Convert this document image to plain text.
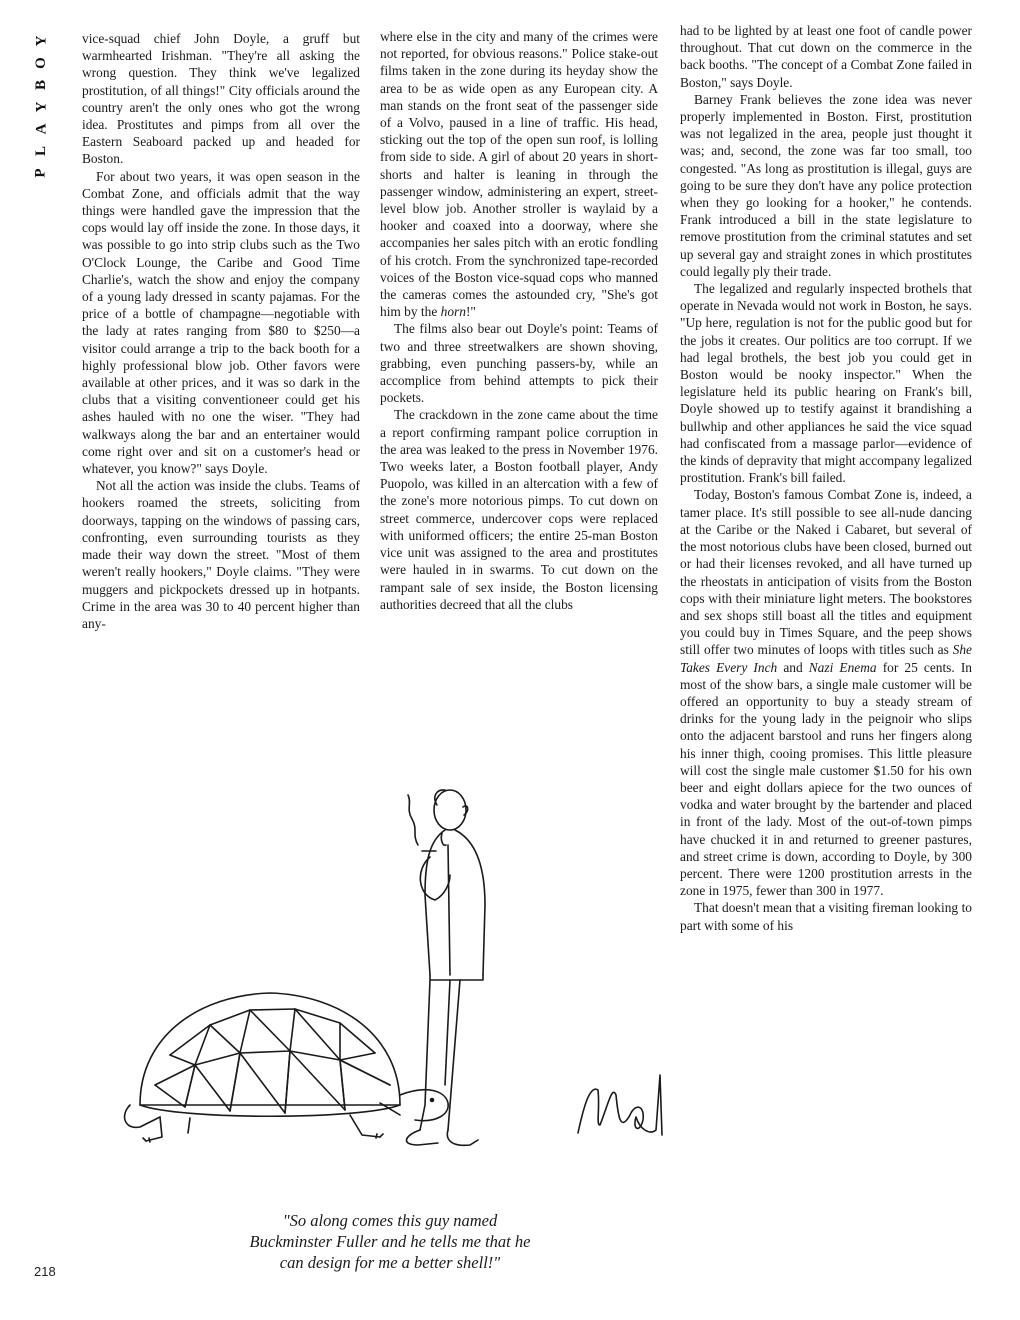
Y
O
B
Y
A
L
P

vice-squad chief John Doyle, a gruff but warmhearted Irishman. "They're all asking the wrong question. They think we've legalized prostitution, of all things!" City officials around the country aren't the only ones who got the wrong idea. Prostitutes and pimps from all over the Eastern Seaboard packed up and headed for Boston.

For about two years, it was open season in the Combat Zone, and officials admit that the way things were handled gave the impression that the cops would lay off inside the zone. In those days, it was possible to go into strip clubs such as the Two O'Clock Lounge, the Caribe and Good Time Charlie's, watch the show and enjoy the company of a young lady dressed in scanty pajamas. For the price of a bottle of champagne—negotiable with the lady at rates ranging from $80 to $250—a visitor could arrange a trip to the back booth for a highly professional blow job. Other favors were available at other prices, and it was so dark in the clubs that a visiting conventioneer could get his ashes hauled with no one the wiser. "They had walkways along the bar and an entertainer would come right over and sit on a customer's head or whatever, you know?" says Doyle.

Not all the action was inside the clubs. Teams of hookers roamed the streets, soliciting from doorways, tapping on the windows of passing cars, confronting, even surrounding tourists as they made their way down the street. "Most of them weren't really hookers," Doyle claims. "They were muggers and pickpockets dressed up in hotpants. Crime in the area was 30 to 40 percent higher than any-

where else in the city and many of the crimes were not reported, for obvious reasons." Police stake-out films taken in the zone during its heyday show the area to be as wide open as any European city. A man stands on the front seat of the passenger side of a Volvo, paused in a line of traffic. His head, sticking out the top of the open sun roof, is lolling from side to side. A girl of about 20 years in short-shorts and halter is leaning in through the passenger window, administering an expert, street-level blow job. Another stroller is waylaid by a hooker and coaxed into a doorway, where she accompanies her sales pitch with an erotic fondling of his crotch. From the synchronized tape-recorded voices of the Boston vice-squad cops who manned the cameras comes the astounded cry, "She's got him by the horn!"

The films also bear out Doyle's point: Teams of two and three streetwalkers are shown shoving, grabbing, even punching passers-by, while an accomplice from behind attempts to pick their pockets.

The crackdown in the zone came about the time a report confirming rampant police corruption in the area was leaked to the press in November 1976. Two weeks later, a Boston football player, Andy Puopolo, was killed in an altercation with a few of the zone's more notorious pimps. To cut down on street commerce, undercover cops were replaced with uniformed officers; the entire 25-man Boston vice unit was assigned to the area and prostitutes were hauled in in swarms. To cut down on the rampant sale of sex inside, the Boston licensing authorities decreed that all the clubs

had to be lighted by at least one foot of candle power throughout. That cut down on the commerce in the back booths. "The concept of a Combat Zone failed in Boston," says Doyle.

Barney Frank believes the zone idea was never properly implemented in Boston. First, prostitution was not legalized in the area, people just thought it was; and, second, the zone was far too small, too congested. "As long as prostitution is illegal, guys are going to be sure they don't have any police protection when they go looking for a hooker," he contends. Frank introduced a bill in the state legislature to remove prostitution from the criminal statutes and set up several gay and straight zones in which prostitutes could legally ply their trade.

The legalized and regularly inspected brothels that operate in Nevada would not work in Boston, he says. "Up here, regulation is not for the public good but for the jobs it creates. Our politics are too corrupt. If we had legal brothels, the best job you could get in Boston would be nooky inspector." When the legislature held its public hearing on Frank's bill, Doyle showed up to testify against it brandishing a bullwhip and other appliances he said the vice squad had confiscated from a massage parlor—evidence of the kinds of depravity that might accompany legalized prostitution. Frank's bill failed.

Today, Boston's famous Combat Zone is, indeed, a tamer place. It's still possible to see all-nude dancing at the Caribe or the Naked i Cabaret, but several of the most notorious clubs have been closed, burned out or had their licenses revoked, and all have turned up the rheostats in anticipation of visits from the Boston cops with their miniature light meters. The bookstores and sex shops still boast all the titles and equipment you could buy in Times Square, and the peep shows still offer two minutes of loops with titles such as She Takes Every Inch and Nazi Enema for 25 cents. In most of the show bars, a single male customer will be offered an opportunity to buy a steady stream of drinks for the young lady in the peignoir who slips onto the adjacent barstool and runs her fingers along his inner thigh, cooing promises. This little pleasure will cost the single male customer $1.50 for his own beer and eight dollars apiece for the two ounces of vodka and water brought by the bartender and placed in front of the lady. Most of the out-of-town pimps have chucked it in and returned to greener pastures, and street crime is down, according to Doyle, by 300 percent. There were 1200 prostitution arrests in the zone in 1975, fewer than 300 in 1977.

That doesn't mean that a visiting fireman looking to part with some of his

"So along comes this guy named

Buckminster Fuller and he tells me that he

can design for me a better shell!"

218
